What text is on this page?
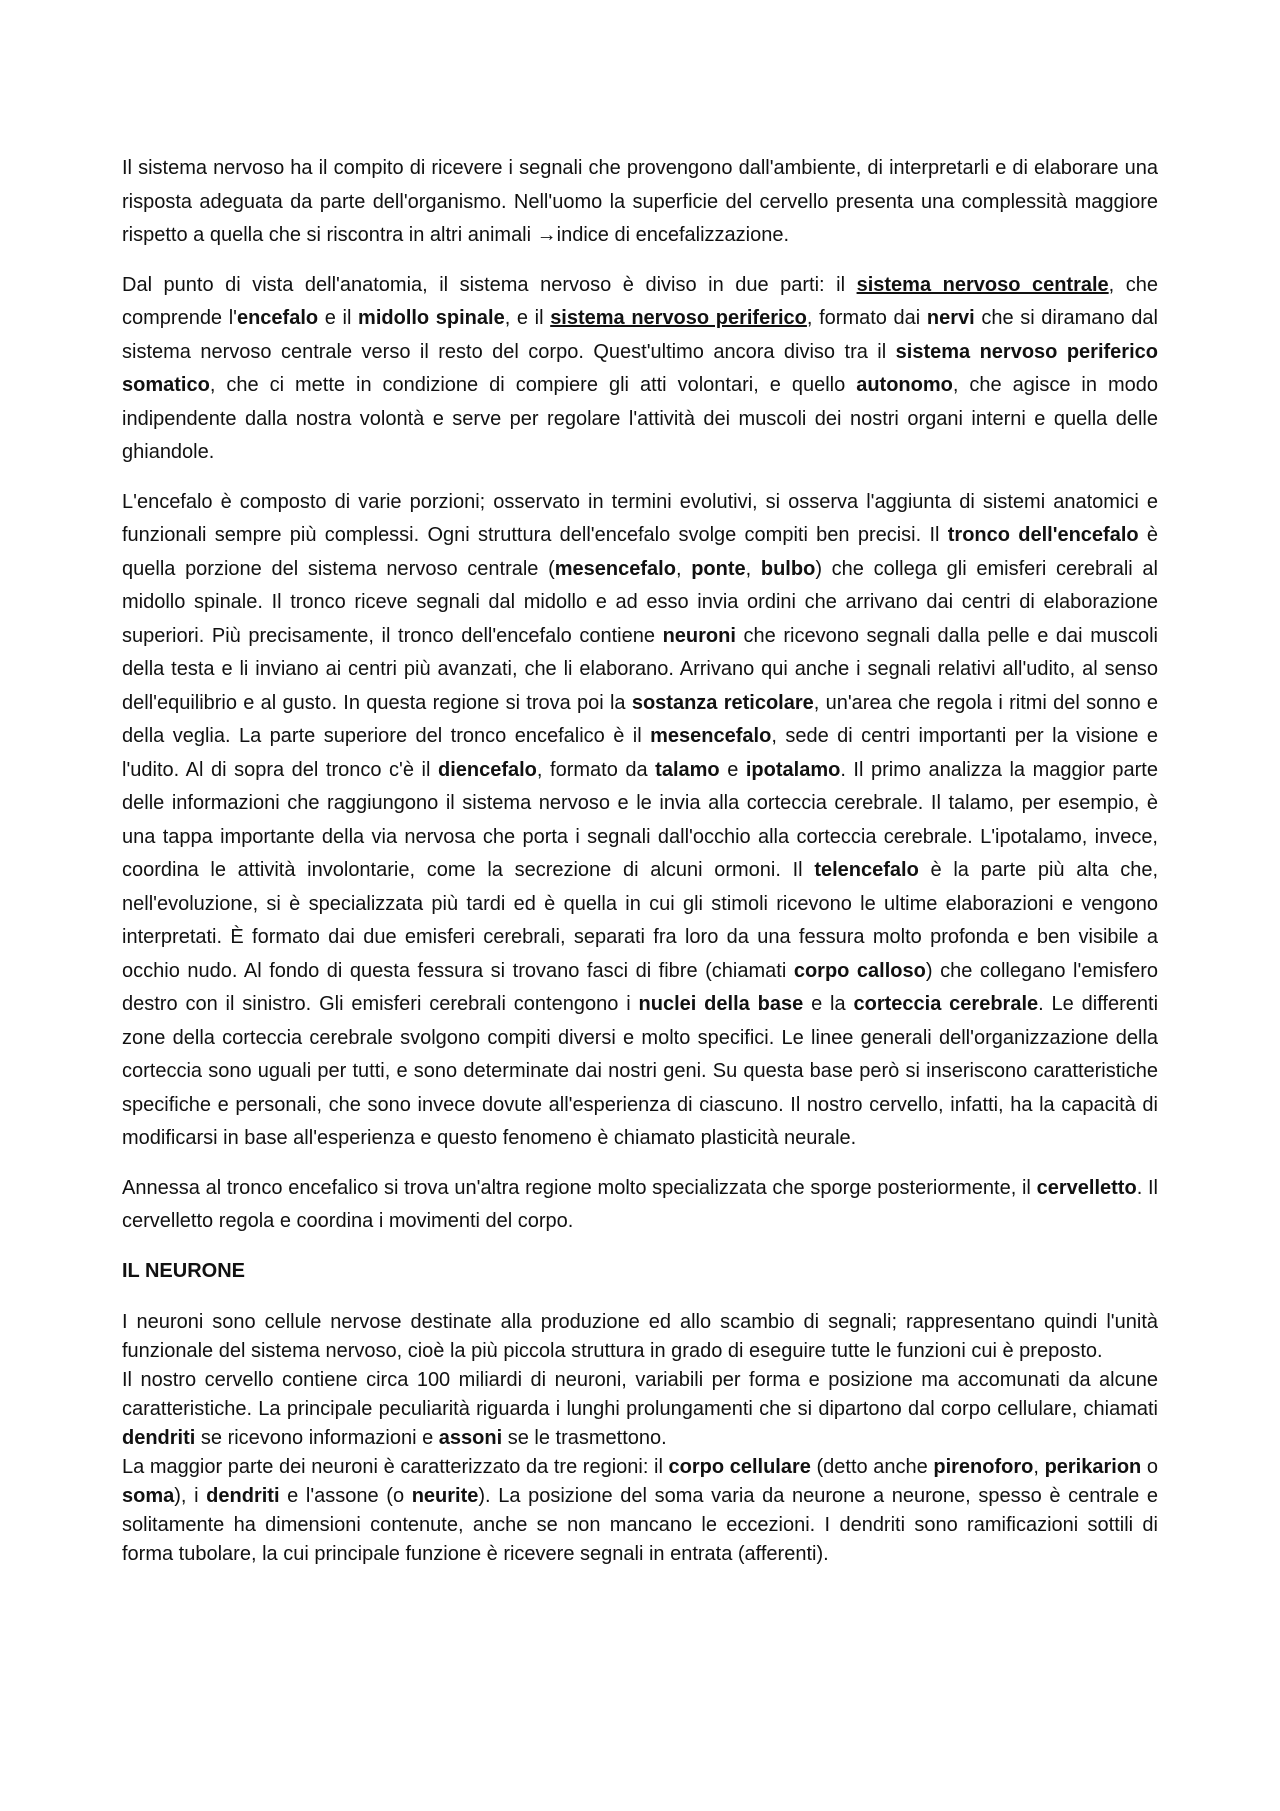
Il sistema nervoso ha il compito di ricevere i segnali che provengono dall'ambiente, di interpretarli e di elaborare una risposta adeguata da parte dell'organismo. Nell'uomo la superficie del cervello presenta una complessità maggiore rispetto a quella che si riscontra in altri animali →indice di encefalizzazione.

Dal punto di vista dell'anatomia, il sistema nervoso è diviso in due parti: il sistema nervoso centrale, che comprende l'encefalo e il midollo spinale, e il sistema nervoso periferico, formato dai nervi che si diramano dal sistema nervoso centrale verso il resto del corpo. Quest'ultimo ancora diviso tra il sistema nervoso periferico somatico, che ci mette in condizione di compiere gli atti volontari, e quello autonomo, che agisce in modo indipendente dalla nostra volontà e serve per regolare l'attività dei muscoli dei nostri organi interni e quella delle ghiandole.

L'encefalo è composto di varie porzioni; osservato in termini evolutivi, si osserva l'aggiunta di sistemi anatomici e funzionali sempre più complessi. Ogni struttura dell'encefalo svolge compiti ben precisi. Il tronco dell'encefalo è quella porzione del sistema nervoso centrale (mesencefalo, ponte, bulbo) che collega gli emisferi cerebrali al midollo spinale. Il tronco riceve segnali dal midollo e ad esso invia ordini che arrivano dai centri di elaborazione superiori. Più precisamente, il tronco dell'encefalo contiene neuroni che ricevono segnali dalla pelle e dai muscoli della testa e li inviano ai centri più avanzati, che li elaborano. Arrivano qui anche i segnali relativi all'udito, al senso dell'equilibrio e al gusto. In questa regione si trova poi la sostanza reticolare, un'area che regola i ritmi del sonno e della veglia. La parte superiore del tronco encefalico è il mesencefalo, sede di centri importanti per la visione e l'udito. Al di sopra del tronco c'è il diencefalo, formato da talamo e ipotalamo. Il primo analizza la maggior parte delle informazioni che raggiungono il sistema nervoso e le invia alla corteccia cerebrale. Il talamo, per esempio, è una tappa importante della via nervosa che porta i segnali dall'occhio alla corteccia cerebrale. L'ipotalamo, invece, coordina le attività involontarie, come la secrezione di alcuni ormoni. Il telencefalo è la parte più alta che, nell'evoluzione, si è specializzata più tardi ed è quella in cui gli stimoli ricevono le ultime elaborazioni e vengono interpretati. È formato dai due emisferi cerebrali, separati fra loro da una fessura molto profonda e ben visibile a occhio nudo. Al fondo di questa fessura si trovano fasci di fibre (chiamati corpo calloso) che collegano l'emisfero destro con il sinistro. Gli emisferi cerebrali contengono i nuclei della base e la corteccia cerebrale. Le differenti zone della corteccia cerebrale svolgono compiti diversi e molto specifici. Le linee generali dell'organizzazione della corteccia sono uguali per tutti, e sono determinate dai nostri geni. Su questa base però si inseriscono caratteristiche specifiche e personali, che sono invece dovute all'esperienza di ciascuno. Il nostro cervello, infatti, ha la capacità di modificarsi in base all'esperienza e questo fenomeno è chiamato plasticità neurale.

Annessa al tronco encefalico si trova un'altra regione molto specializzata che sporge posteriormente, il cervelletto. Il cervelletto regola e coordina i movimenti del corpo.

IL NEURONE

I neuroni sono cellule nervose destinate alla produzione ed allo scambio di segnali; rappresentano quindi l'unità funzionale del sistema nervoso, cioè la più piccola struttura in grado di eseguire tutte le funzioni cui è preposto.

Il nostro cervello contiene circa 100 miliardi di neuroni, variabili per forma e posizione ma accomunati da alcune caratteristiche. La principale peculiarità riguarda i lunghi prolungamenti che si dipartono dal corpo cellulare, chiamati dendriti se ricevono informazioni e assoni se le trasmettono.

La maggior parte dei neuroni è caratterizzato da tre regioni: il corpo cellulare (detto anche pirenoforo, perikarion o soma), i dendriti e l'assone (o neurite). La posizione del soma varia da neurone a neurone, spesso è centrale e solitamente ha dimensioni contenute, anche se non mancano le eccezioni. I dendriti sono ramificazioni sottili di forma tubolare, la cui principale funzione è ricevere segnali in entrata (afferenti).
